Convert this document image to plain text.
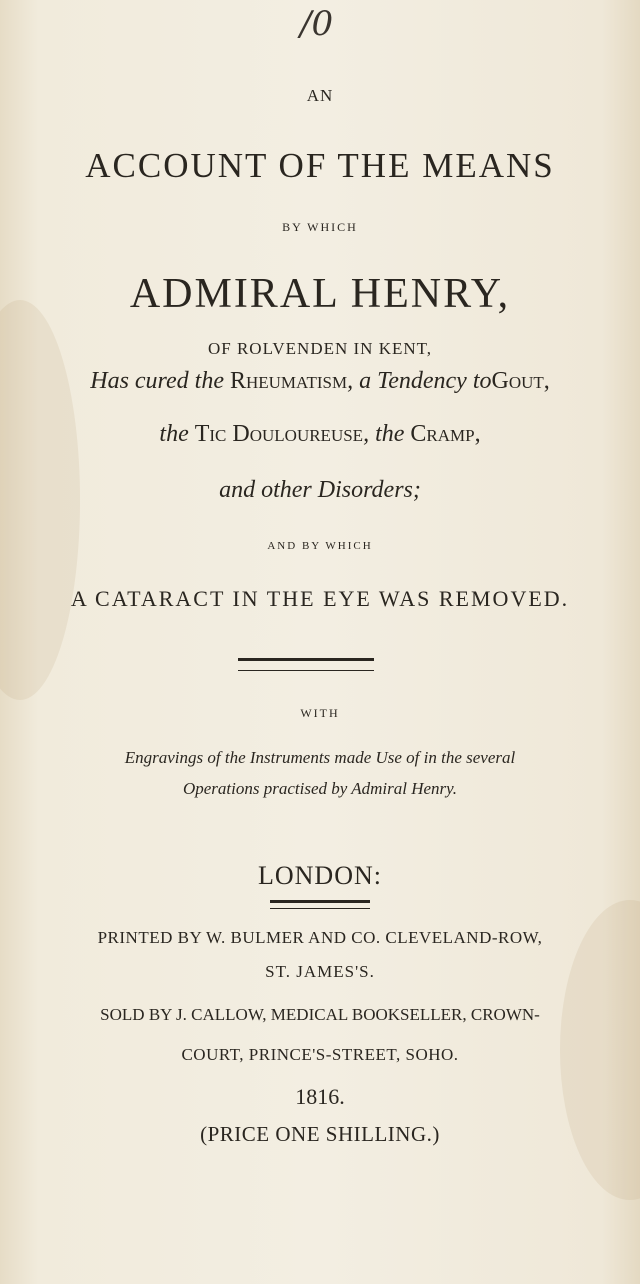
/0
AN
ACCOUNT OF THE MEANS
BY WHICH
ADMIRAL HENRY,
OF ROLVENDEN IN KENT,
Has cured the Rheumatism, a Tendency toGout,
the Tic Douloureuse, the Cramp,
and other Disorders;
AND BY WHICH
A CATARACT IN THE EYE WAS REMOVED.
WITH
Engravings of the Instruments made Use of in the several
Operations practised by Admiral Henry.
LONDON:
PRINTED BY W. BULMER AND CO. CLEVELAND-ROW,
ST. JAMES'S.
SOLD BY J. CALLOW, MEDICAL BOOKSELLER, CROWN-
COURT, PRINCE'S-STREET, SOHO.
1816.
(PRICE ONE SHILLING.)
